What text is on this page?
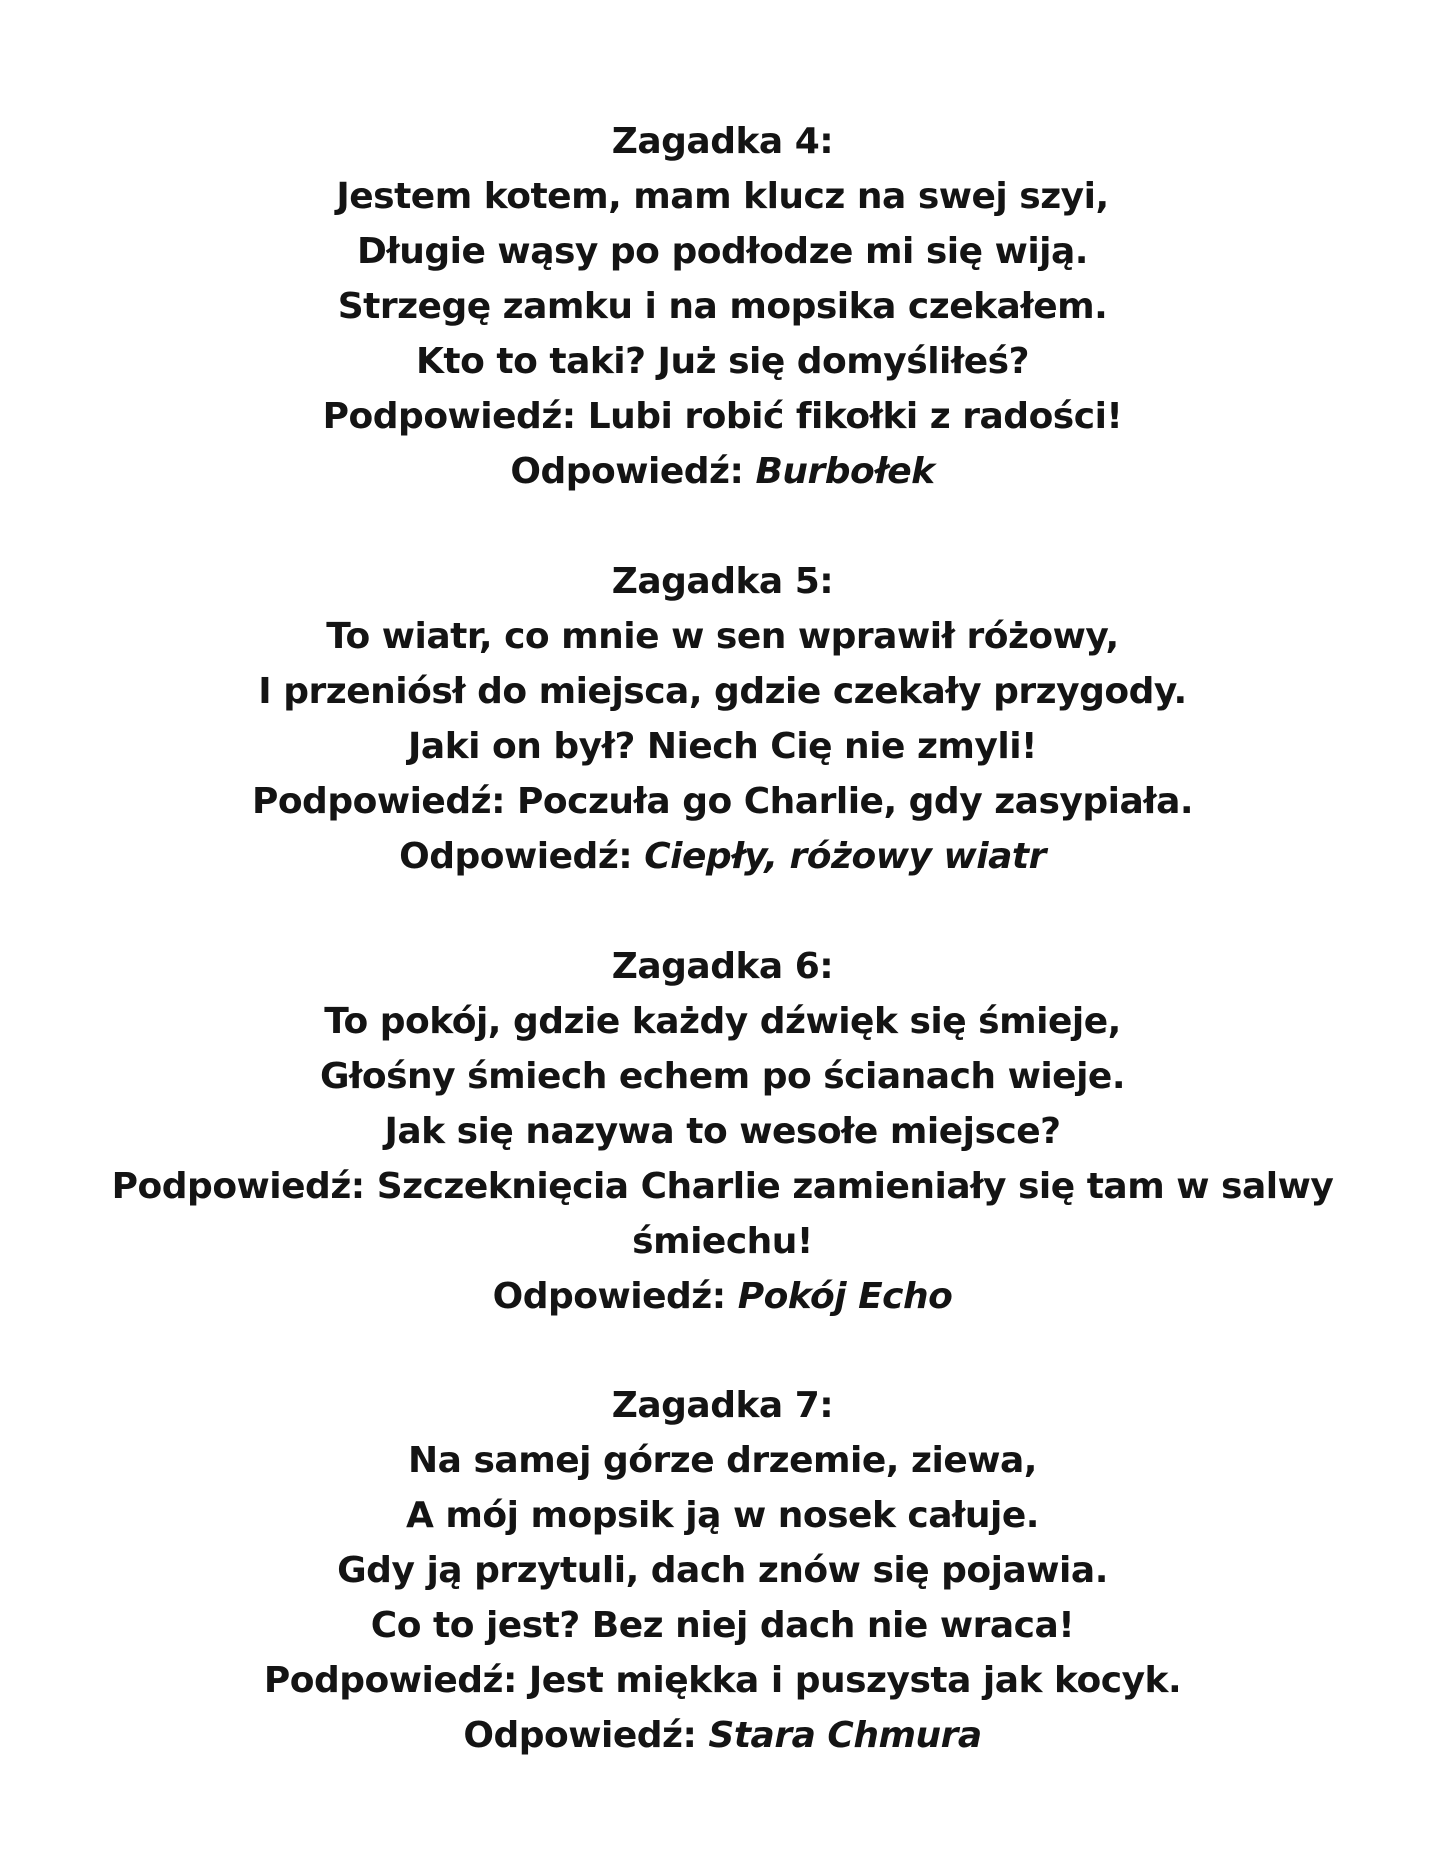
Zagadka 4:

Jestem kotem, mam klucz na swej szyi,

Długie wąsy po podłodze mi się wiją.

Strzegę zamku i na mopsika czekałem.

Kto to taki? Już się domyśliłeś?

Podpowiedź: Lubi robić fikołki z radości!

Odpowiedź: Burbołek

Zagadka 5:

To wiatr, co mnie w sen wprawił różowy,

I przeniósł do miejsca, gdzie czekały przygody.

Jaki on był? Niech Cię nie zmyli!

Podpowiedź: Poczuła go Charlie, gdy zasypiała.

Odpowiedź: Ciepły, różowy wiatr

Zagadka 6:

To pokój, gdzie każdy dźwięk się śmieje,

Głośny śmiech echem po ścianach wieje.

Jak się nazywa to wesołe miejsce?

Podpowiedź: Szczeknięcia Charlie zamieniały się tam w salwy śmiechu!

Odpowiedź: Pokój Echo

Zagadka 7:

Na samej górze drzemie, ziewa,

A mój mopsik ją w nosek całuje.

Gdy ją przytuli, dach znów się pojawia.

Co to jest? Bez niej dach nie wraca!

Podpowiedź: Jest miękka i puszysta jak kocyk.

Odpowiedź: Stara Chmura
